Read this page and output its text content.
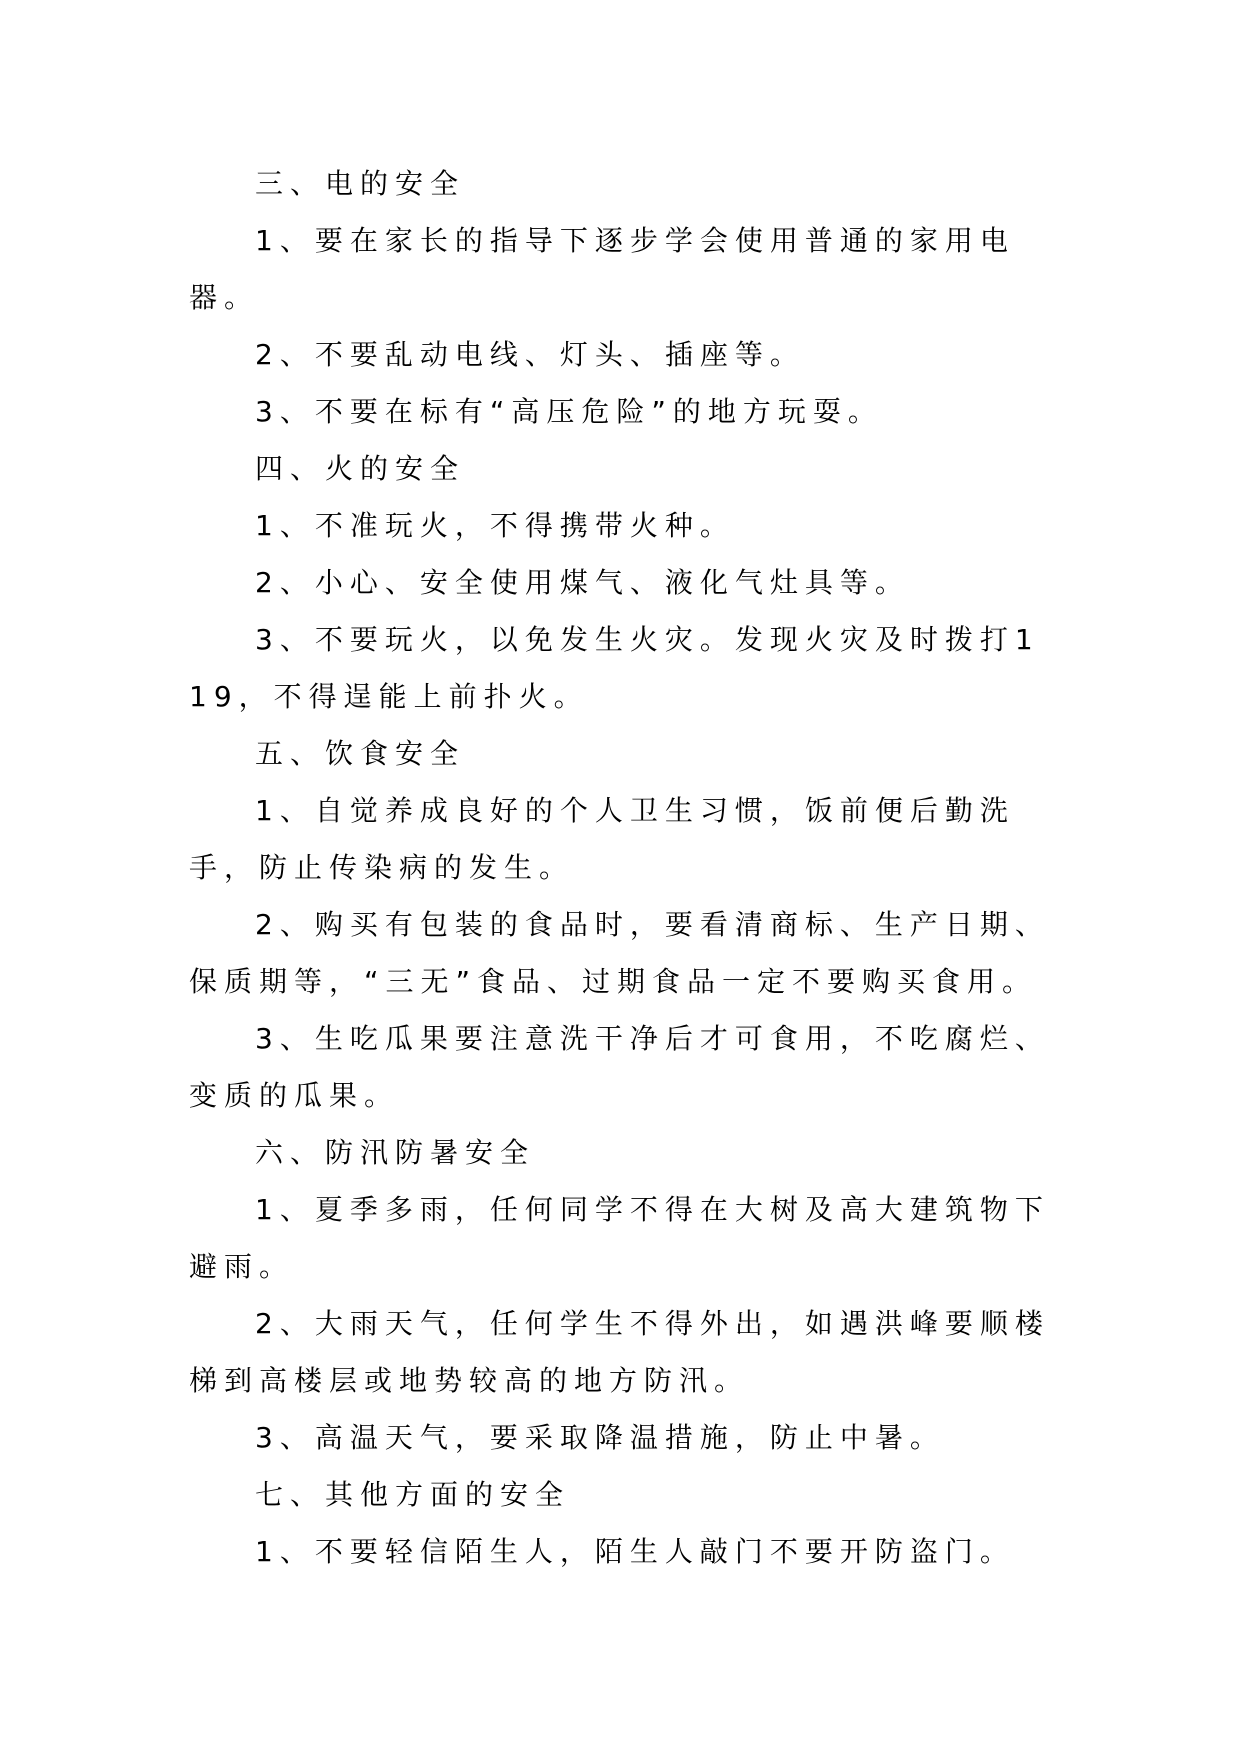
三、电的安全

1、要在家长的指导下逐步学会使用普通的家用电器。

2、不要乱动电线、灯头、插座等。

3、不要在标有“高压危险”的地方玩耍。

四、火的安全

1、不准玩火，不得携带火种。

2、小心、安全使用煤气、液化气灶具等。

3、不要玩火，以免发生火灾。发现火灾及时拨打119，不得逞能上前扑火。

五、饮食安全

1、自觉养成良好的个人卫生习惯，饭前便后勤洗手，防止传染病的发生。

2、购买有包装的食品时，要看清商标、生产日期、保质期等，“三无”食品、过期食品一定不要购买食用。

3、生吃瓜果要注意洗干净后才可食用，不吃腐烂、变质的瓜果。

六、防汛防暑安全

1、夏季多雨，任何同学不得在大树及高大建筑物下避雨。

2、大雨天气，任何学生不得外出，如遇洪峰要顺楼梯到高楼层或地势较高的地方防汛。

3、高温天气，要采取降温措施，防止中暑。

七、其他方面的安全

1、不要轻信陌生人，陌生人敲门不要开防盗门。
